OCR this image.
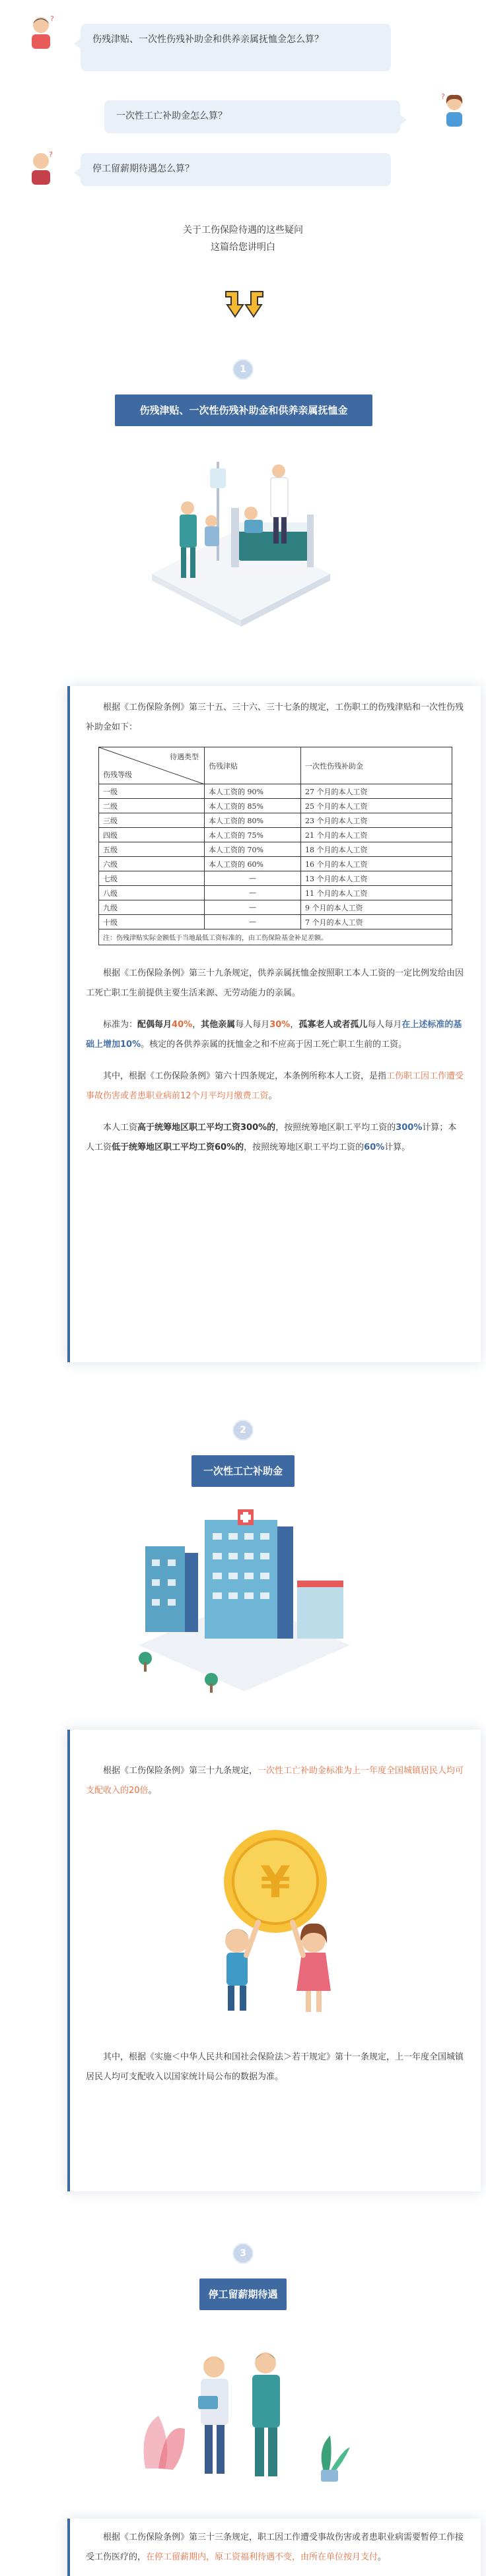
?
伤残津贴、一次性伤残补助金和供养亲属抚恤金怎么算？
一次性工亡补助金怎么算？
?
?
停工留薪期待遇怎么算？
关于工伤保险待遇的这些疑问
这篇给您讲明白
1
伤残津贴、一次性伤残补助金和供养亲属抚恤金

根据《工伤保险条例》第三十五、三十六、三十七条的规定，工伤职工的伤残津贴和一次性伤残补助金如下：

待遇类型
伤残等级	伤残津贴	一次性伤残补助金
一级	本人工资的 90%	27 个月的本人工资
二级	本人工资的 85%	25 个月的本人工资
三级	本人工资的 80%	23 个月的本人工资
四级	本人工资的 75%	21 个月的本人工资
五级	本人工资的 70%	18 个月的本人工资
六级	本人工资的 60%	16 个月的本人工资
七级	—	13 个月的本人工资
八级	—	11 个月的本人工资
九级	—	9 个月的本人工资
十级	—	7 个月的本人工资
注：伤残津贴实际金额低于当地最低工资标准的，由工伤保险基金补足差额。		

根据《工伤保险条例》第三十九条规定，供养亲属抚恤金按照职工本人工资的一定比例发给由因工死亡职工生前提供主要生活来源、无劳动能力的亲属。

标准为：配偶每月40%，其他亲属每人每月30%，孤寡老人或者孤儿每人每月在上述标准的基础上增加10%。核定的各供养亲属的抚恤金之和不应高于因工死亡职工生前的工资。

其中，根据《工伤保险条例》第六十四条规定，本条例所称本人工资，是指工伤职工因工作遭受事故伤害或者患职业病前12个月平均月缴费工资。

本人工资高于统筹地区职工平均工资300%的，按照统筹地区职工平均工资的300%计算；本人工资低于统筹地区职工平均工资60%的，按照统筹地区职工平均工资的60%计算。

2
一次性工亡补助金

根据《工伤保险条例》第三十九条规定，一次性工亡补助金标准为上一年度全国城镇居民人均可支配收入的20倍。

¥

其中，根据《实施＜中华人民共和国社会保险法＞若干规定》第十一条规定，上一年度全国城镇居民人均可支配收入以国家统计局公布的数据为准。

3
停工留薪期待遇

根据《工伤保险条例》第三十三条规定，职工因工作遭受事故伤害或者患职业病需要暂停工作接受工伤医疗的，在停工留薪期内，原工资福利待遇不变，由所在单位按月支付。
